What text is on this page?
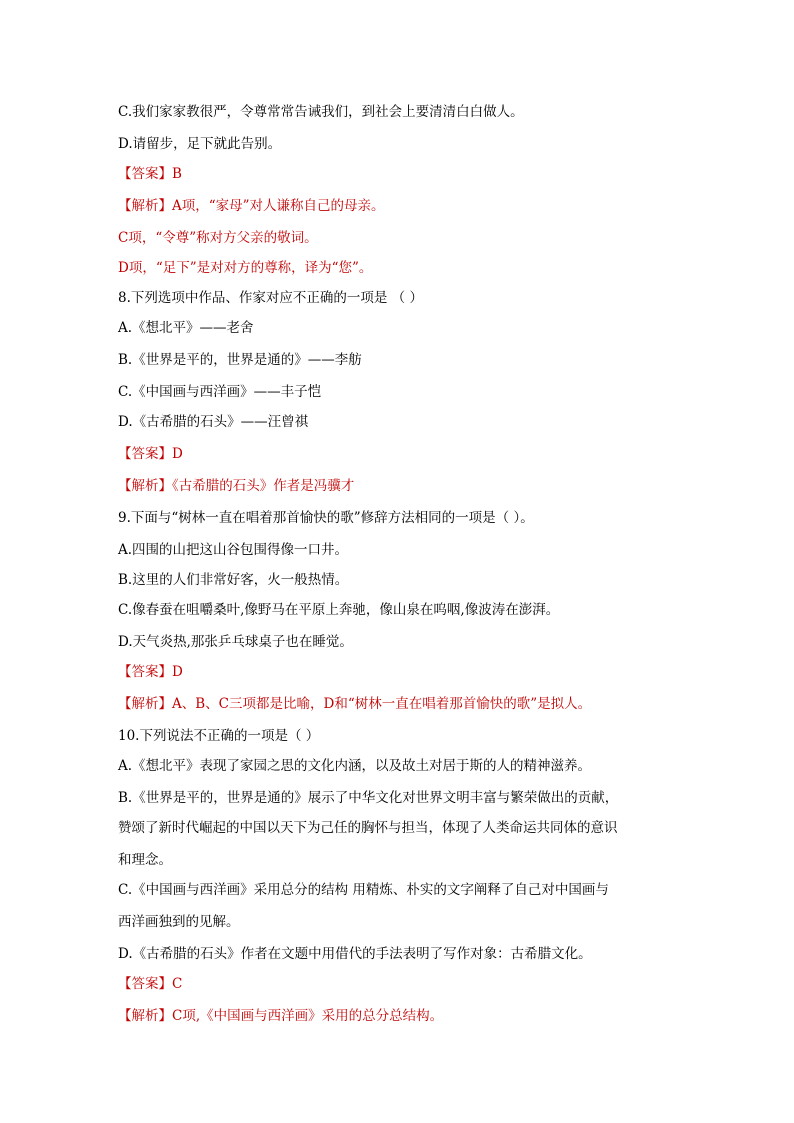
C.我们家家教很严，令尊常常告诫我们，到社会上要清清白白做人。
D.请留步，足下就此告别。
【答案】B
【解析】A项，“家母”对人谦称自己的母亲。
C项，“令尊”称对方父亲的敬词。
D项，“足下”是对对方的尊称，译为“您”。
8.下列选项中作品、作家对应不正确的一项是 （ ）
A.《想北平》——老舍
B.《世界是平的，世界是通的》——李舫
C.《中国画与西洋画》——丰子恺
D.《古希腊的石头》——汪曾祺
【答案】D
【解析】《古希腊的石头》作者是冯骥才
9.下面与“树林一直在唱着那首愉快的歌”修辞方法相同的一项是（ ）。
A.四围的山把这山谷包围得像一口井。
B.这里的人们非常好客，火一般热情。
C.像春蚕在咀嚼桑叶,像野马在平原上奔驰，像山泉在呜咽,像波涛在澎湃。
D.天气炎热,那张乒乓球桌子也在睡觉。
【答案】D
【解析】A、B、C三项都是比喻，D和“树林一直在唱着那首愉快的歌”是拟人。
10.下列说法不正确的一项是（ ）
A.《想北平》表现了家园之思的文化内涵，以及故土对居于斯的人的精神滋养。
B.《世界是平的，世界是通的》展示了中华文化对世界文明丰富与繁荣做出的贡献，
赞颂了新时代崛起的中国以天下为己任的胸怀与担当，体现了人类命运共同体的意识
和理念。
C.《中国画与西洋画》采用总分的结构 用精炼、朴实的文字阐释了自己对中国画与
西洋画独到的见解。
D.《古希腊的石头》作者在文题中用借代的手法表明了写作对象：古希腊文化。
【答案】C
【解析】C项,《中国画与西洋画》采用的总分总结构。
